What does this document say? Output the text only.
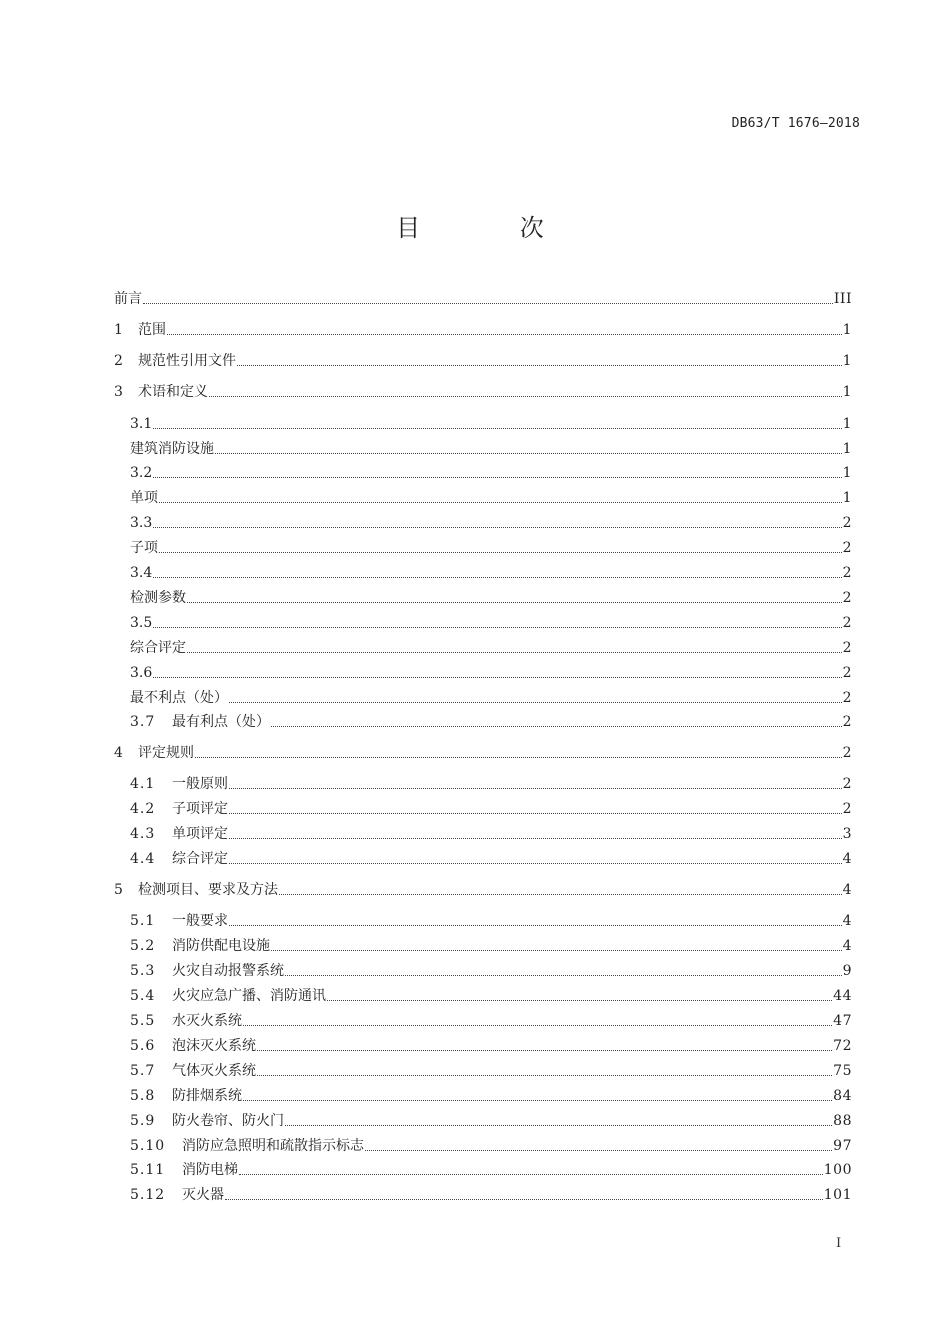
DB63/T 1676—2018
目 次
前言	III
1	范围	1
2	规范性引用文件	1
3	术语和定义	1
3.1	1
建筑消防设施	1
3.2	1
单项	1
3.3	2
子项	2
3.4	2
检测参数	2
3.5	2
综合评定	2
3.6	2
最不利点（处）	2
3.7	最有利点（处）	2
4	评定规则	2
4.1	一般原则	2
4.2	子项评定	2
4.3	单项评定	3
4.4	综合评定	4
5	检测项目、要求及方法	4
5.1	一般要求	4
5.2	消防供配电设施	4
5.3	火灾自动报警系统	9
5.4	火灾应急广播、消防通讯	44
5.5	水灭火系统	47
5.6	泡沫灭火系统	72
5.7	气体灭火系统	75
5.8	防排烟系统	84
5.9	防火卷帘、防火门	88
5.10	消防应急照明和疏散指示标志	97
5.11	消防电梯	100
5.12	灭火器	101
I
